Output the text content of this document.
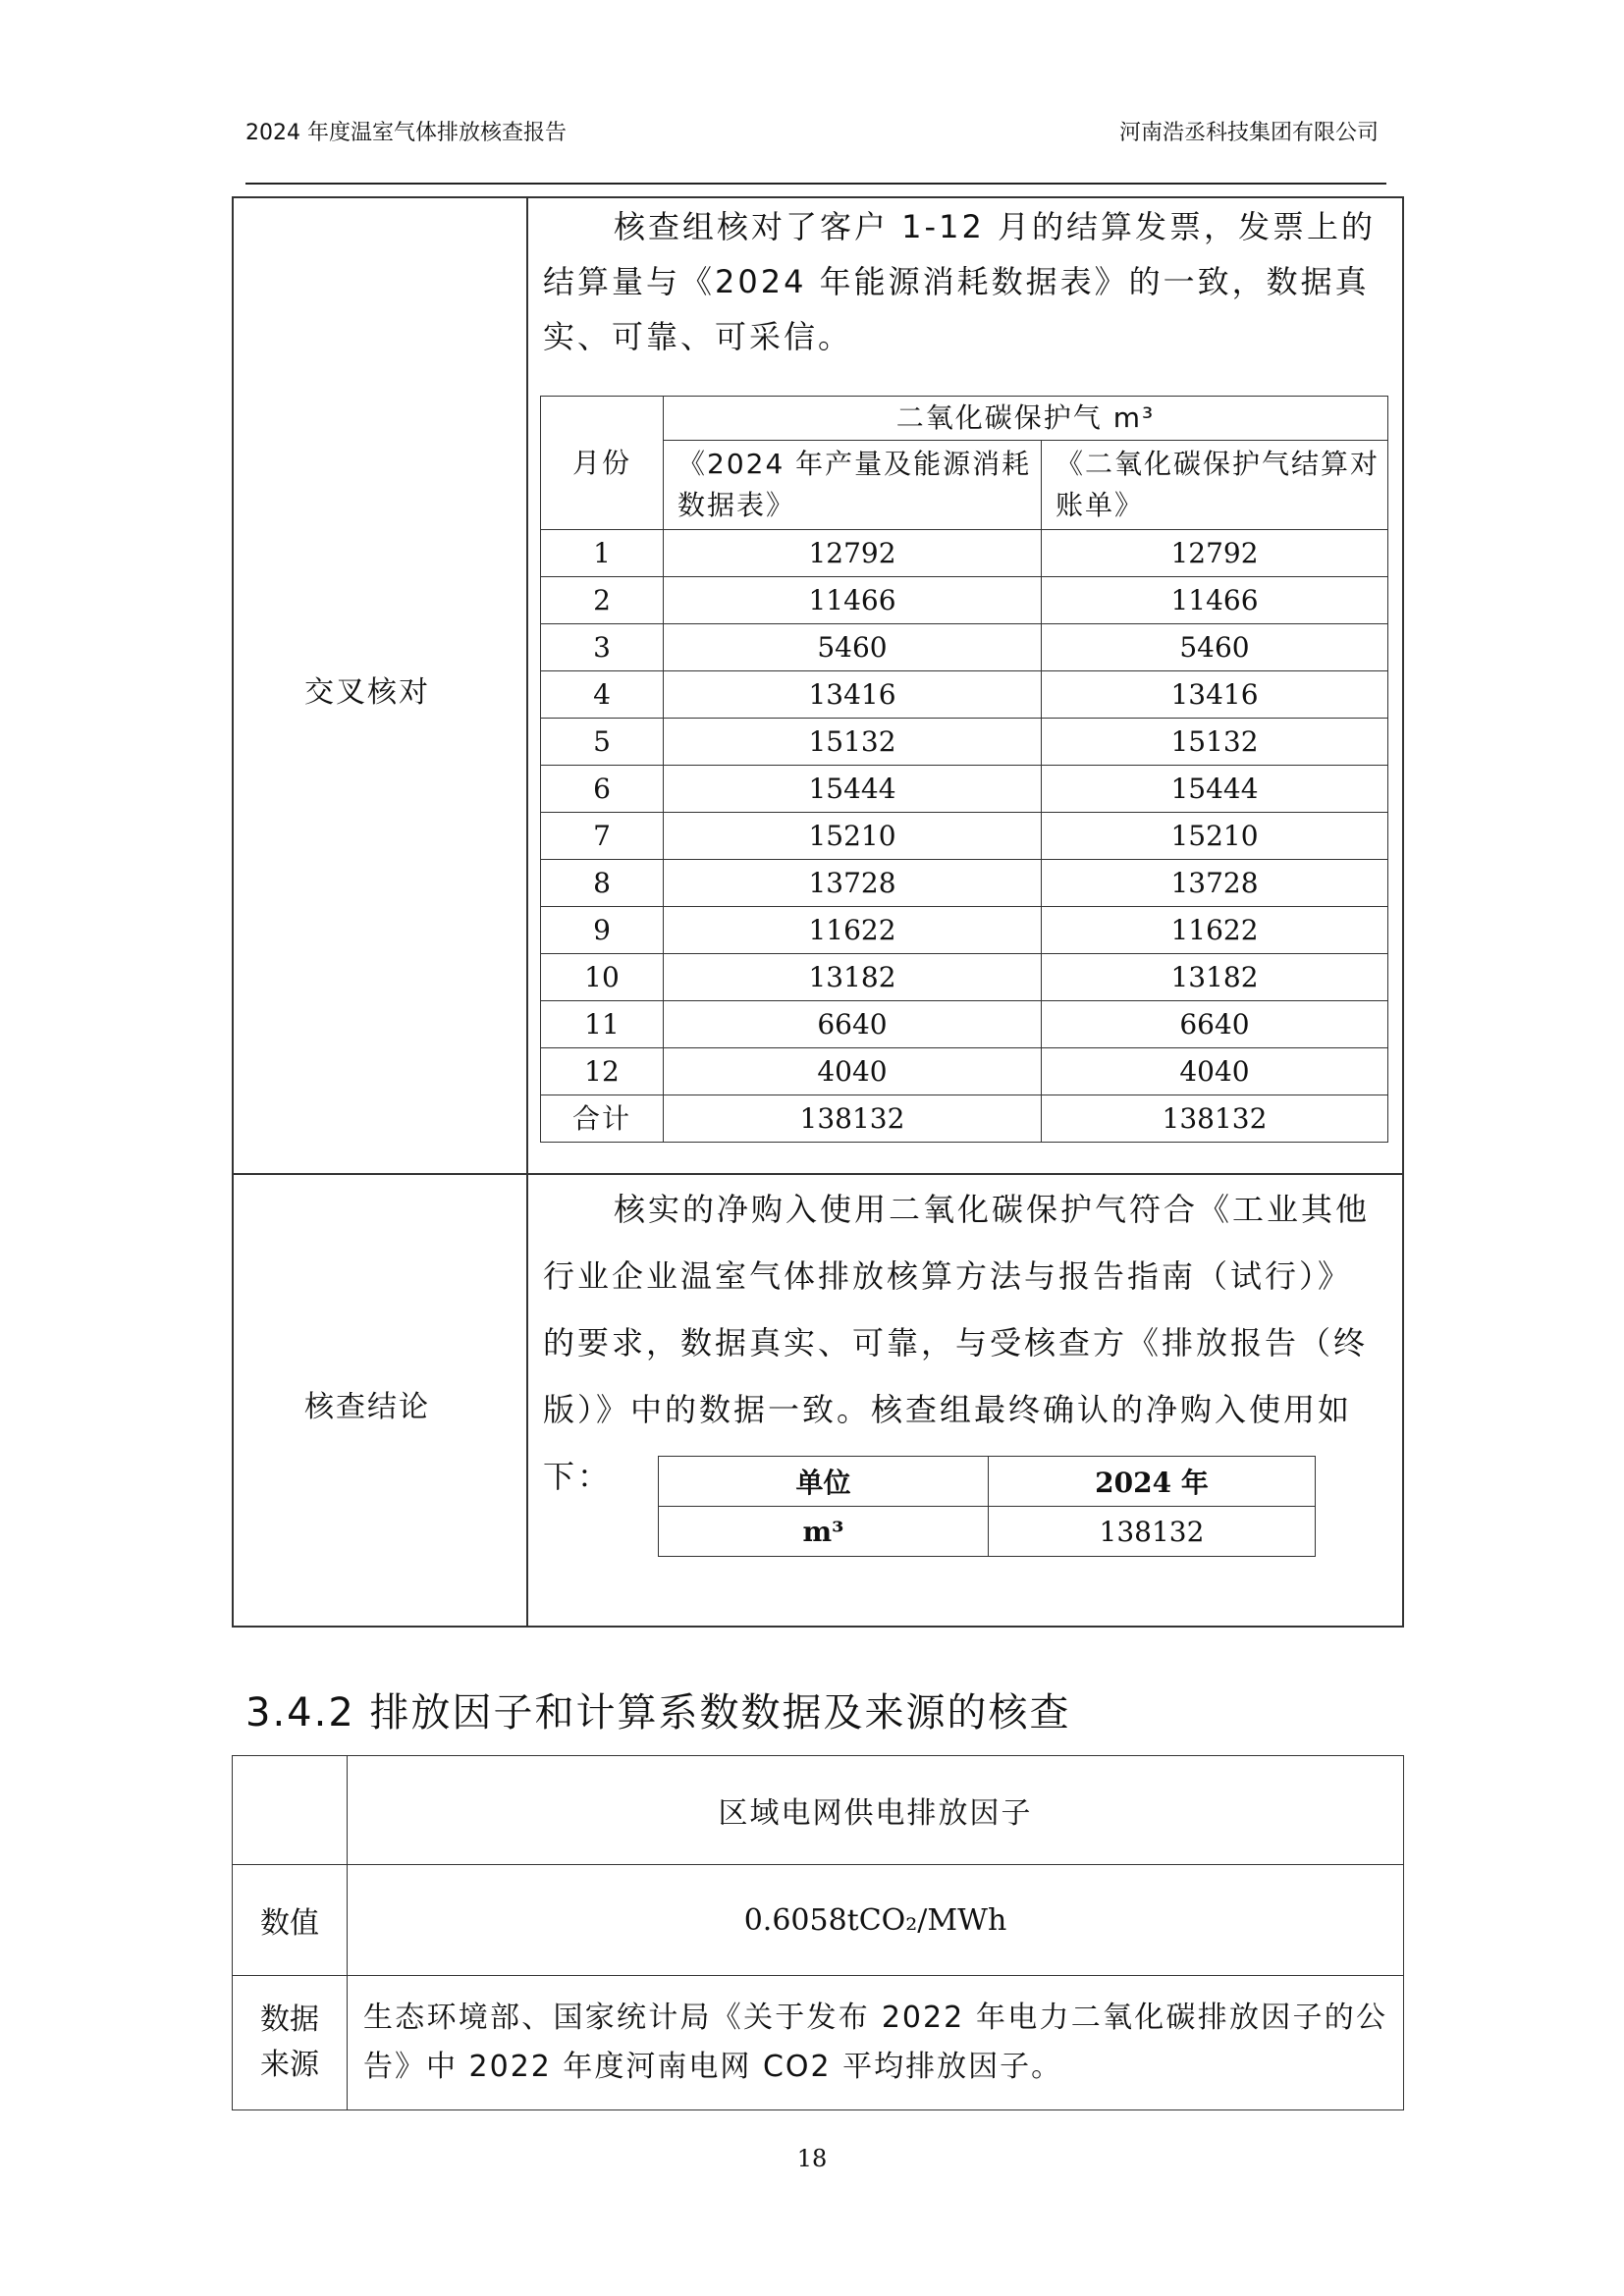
2024 年度温室气体排放核查报告	河南浩丞科技集团有限公司
交叉核对
核查组核对了客户 1-12 月的结算发票，发票上的结算量与《2024 年能源消耗数据表》的一致，数据真实、可靠、可采信。
月份	二氧化碳保护气 m³	
	《2024 年产量及能源消耗数据表》	《二氧化碳保护气结算对账单》
1	12792	12792
2	11466	11466
3	5460	5460
4	13416	13416
5	15132	15132
6	15444	15444
7	15210	15210
8	13728	13728
9	11622	11622
10	13182	13182
11	6640	6640
12	4040	4040
合计	138132	138132
核查结论
核实的净购入使用二氧化碳保护气符合《工业其他行业企业温室气体排放核算方法与报告指南（试行）》的要求，数据真实、可靠，与受核查方《排放报告（终版）》中的数据一致。核查组最终确认的净购入使用如下：	单位	2024 年
m³	138132
3.4.2 排放因子和计算系数数据及来源的核查
	区域电网供电排放因子
数值	0.6058tCO₂/MWh
数据来源	生态环境部、国家统计局《关于发布 2022 年电力二氧化碳排放因子的公告》中 2022 年度河南电网 CO2 平均排放因子。
18
